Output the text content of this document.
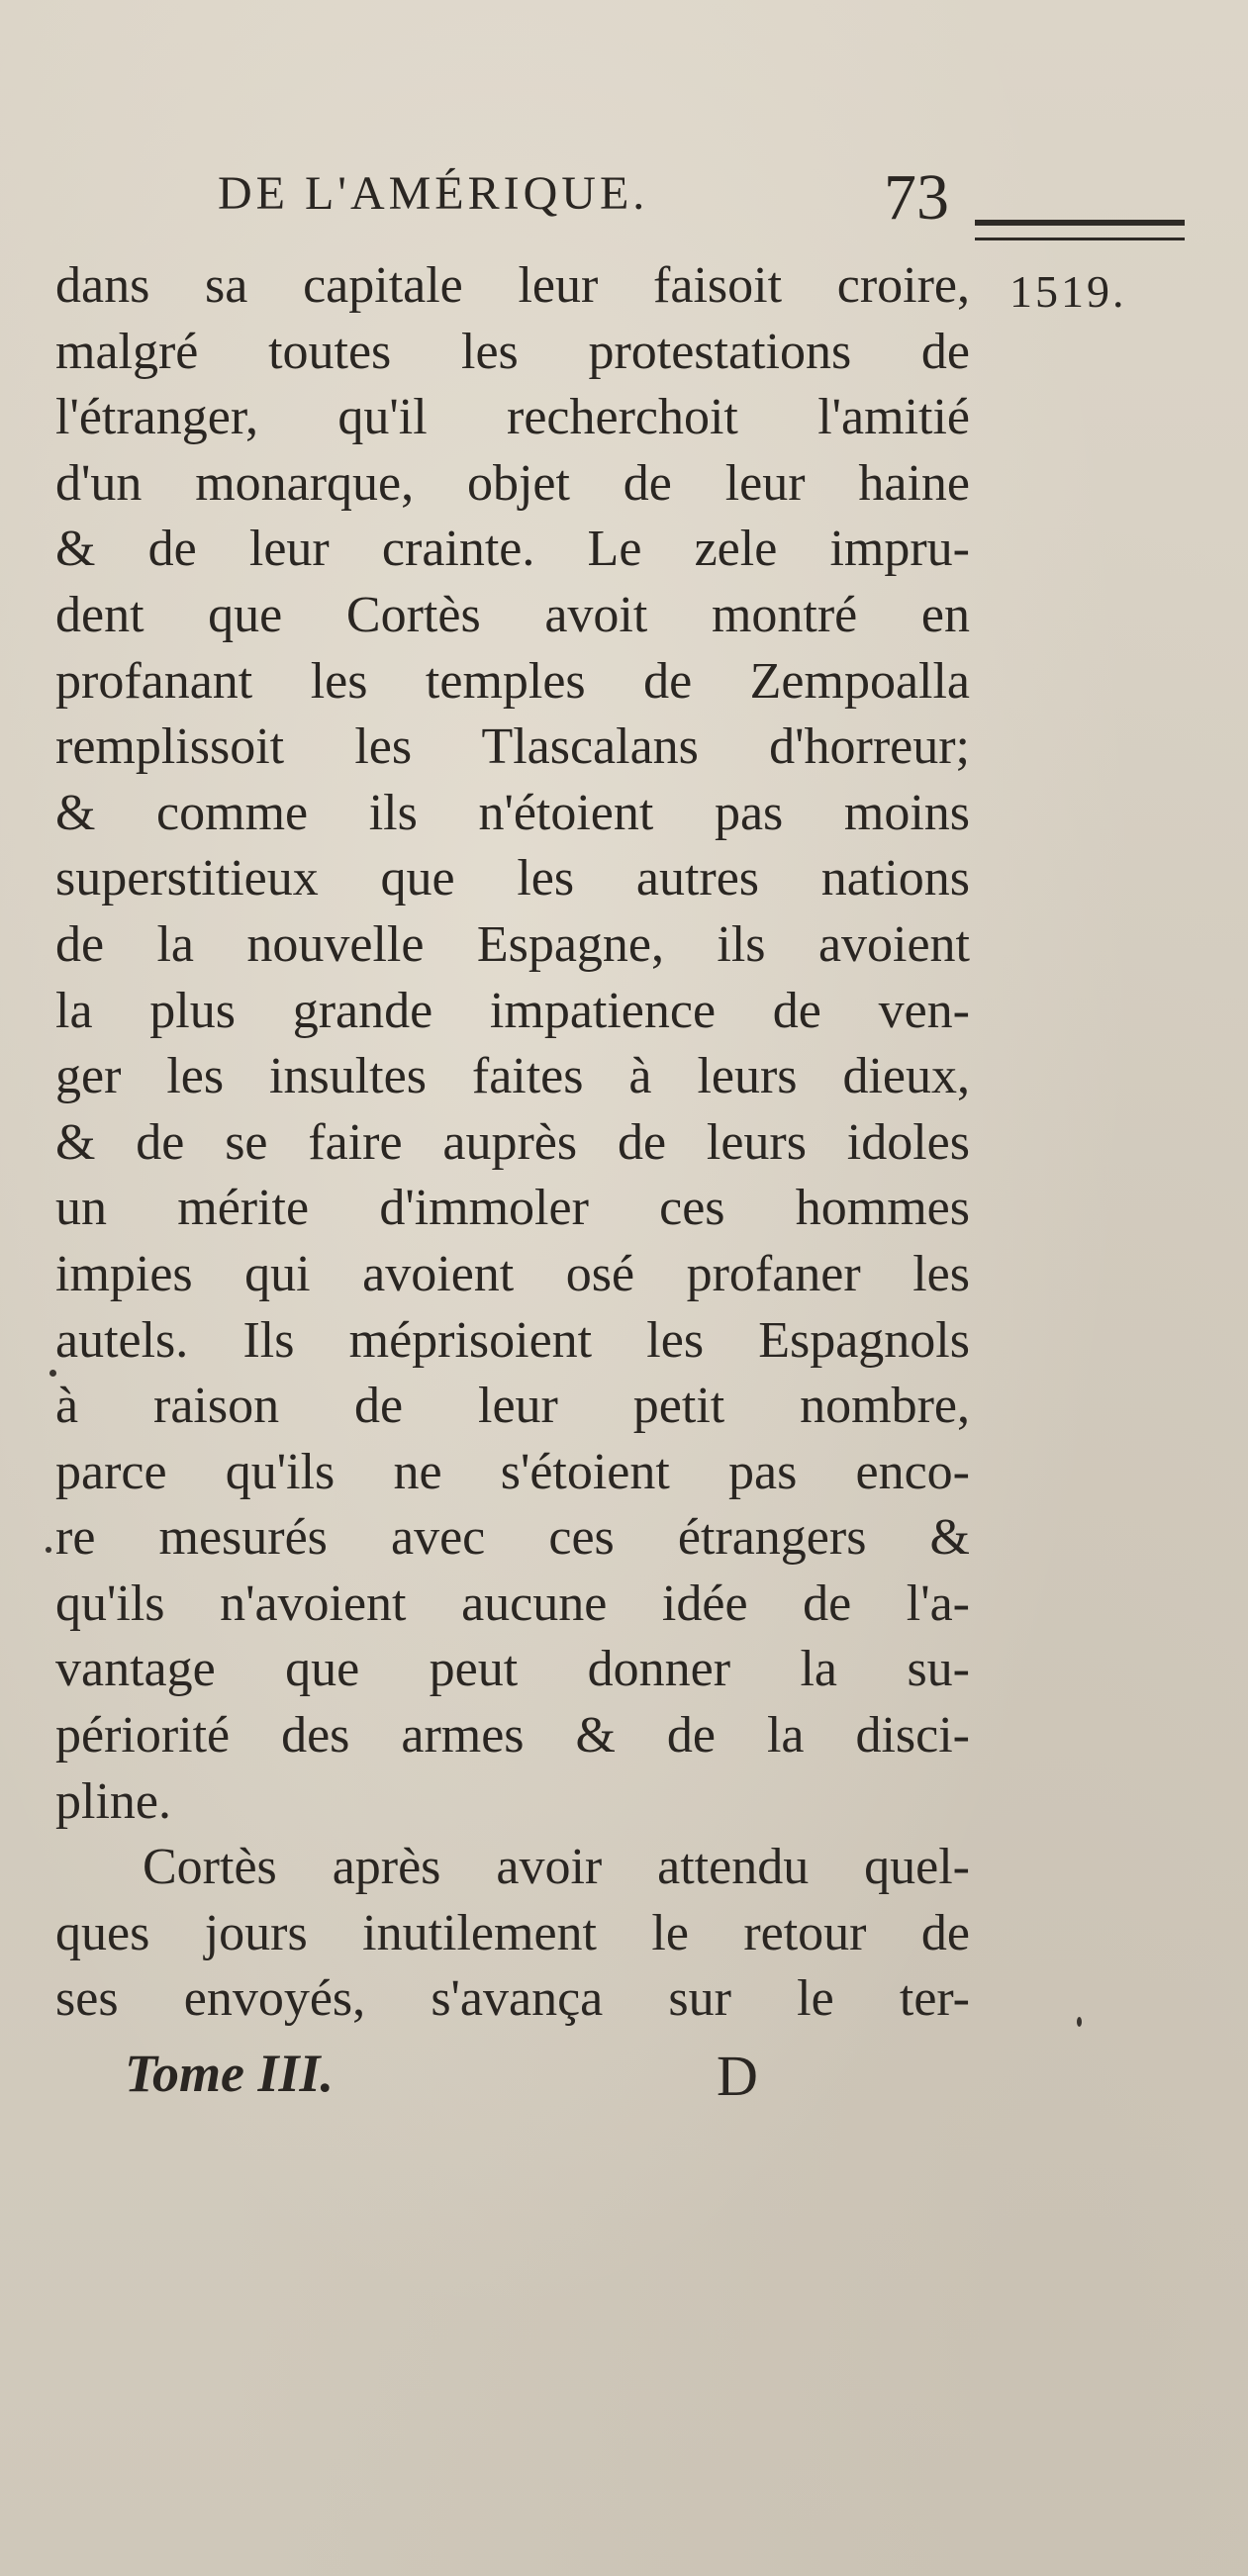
DE L'AMÉRIQUE.	73
1519.
dans sa capitale leur faisoit croire,
malgré toutes les protestations de
l'étranger, qu'il recherchoit l'amitié
d'un monarque, objet de leur haine
& de leur crainte. Le zele impru-
dent que Cortès avoit montré en
profanant les temples de Zempoalla
remplissoit les Tlascalans d'horreur;
& comme ils n'étoient pas moins
superstitieux que les autres nations
de la nouvelle Espagne, ils avoient
la plus grande impatience de ven-
ger les insultes faites à leurs dieux,
& de se faire auprès de leurs idoles
un mérite d'immoler ces hommes
impies qui avoient osé profaner les
autels. Ils méprisoient les Espagnols
à raison de leur petit nombre,
parce qu'ils ne s'étoient pas enco-
re mesurés avec ces étrangers &
qu'ils n'avoient aucune idée de l'a-
vantage que peut donner la su-
périorité des armes & de la disci-
pline.
Cortès après avoir attendu quel-
ques jours inutilement le retour de
ses envoyés, s'avança sur le ter-
Tome III.	D
